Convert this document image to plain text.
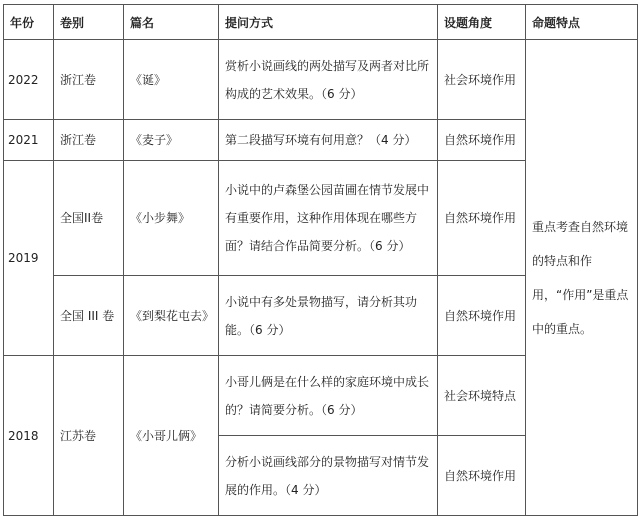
年份	卷别	篇名	提问方式	设题角度	命题特点
2022	浙江卷	《诞》	赏析小说画线的两处描写及两者对比所构成的艺术效果。（6 分）	社会环境作用	重点考查自然环境的特点和作用，“作用”是重点中的重点。
2021	浙江卷	《麦子》	第二段描写环境有何用意？（4 分）	自然环境作用	
2019	全国II卷	《小步舞》	小说中的卢森堡公园苗圃在情节发展中有重要作用，这种作用体现在哪些方面？请结合作品简要分析。（6 分）	自然环境作用	
	全国 III 卷	《到梨花屯去》	小说中有多处景物描写，请分析其功能。（6 分）	自然环境作用	
2018	江苏卷	《小哥儿俩》	小哥儿俩是在什么样的家庭环境中成长的？请简要分析。（6 分）	社会环境特点	
			分析小说画线部分的景物描写对情节发展的作用。（4 分）	自然环境作用	
